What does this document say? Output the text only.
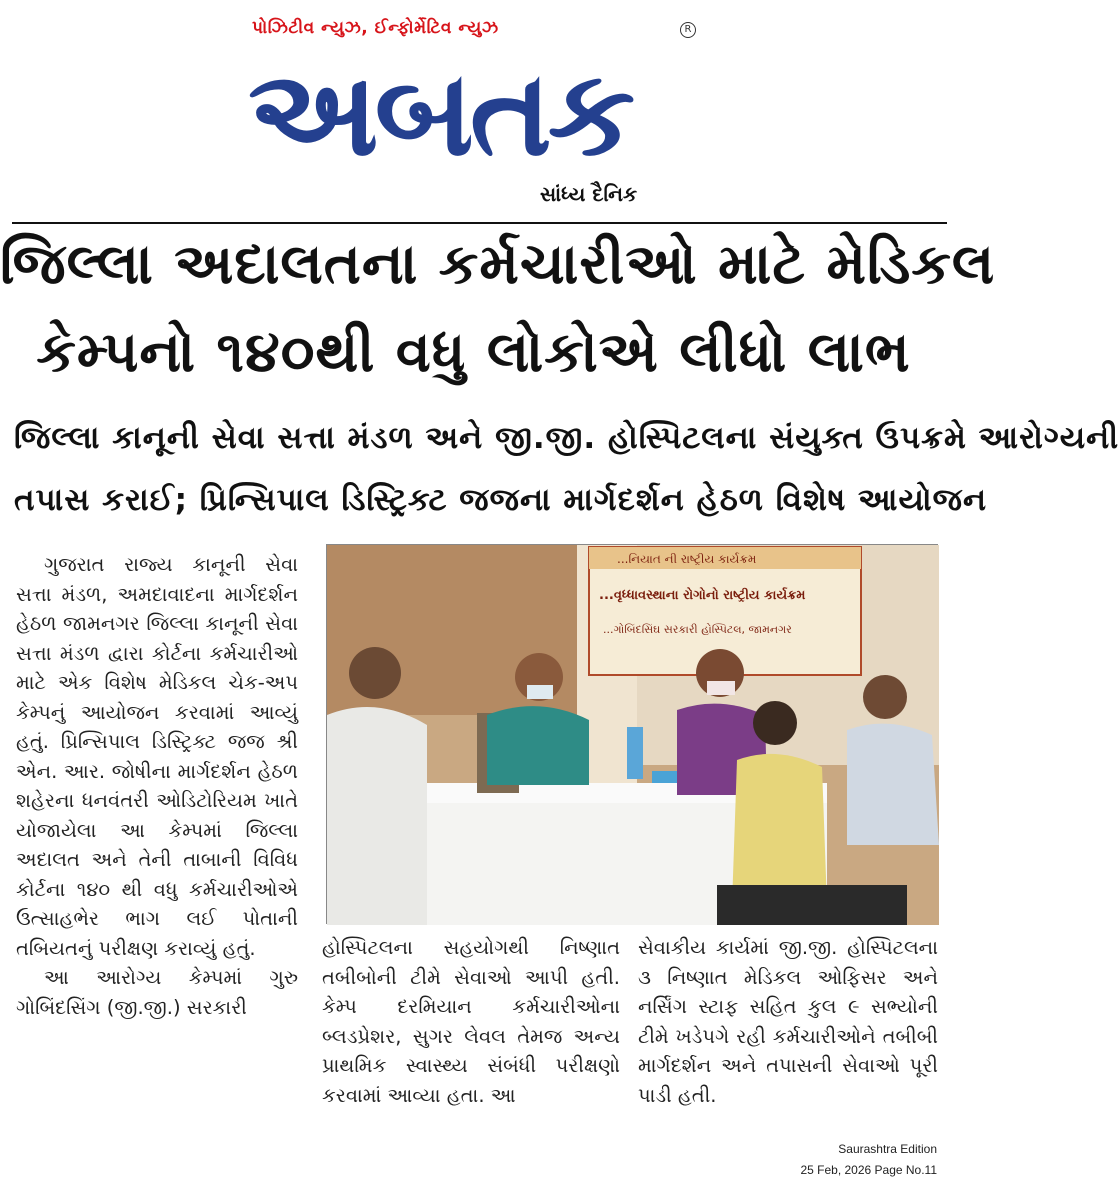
પોઝિટીવ ન્યુઝ, ઈન્ફોર્મેટિવ ન્યુઝ	R
અબતક
સાંધ્ય દૈનિક
જિલ્લા અદાલતના કર્મચારીઓ માટે મેડિકલ
કેમ્પનો ૧૪૦થી વધુ લોકોએ લીધો લાભ
જિલ્લા કાનૂની સેવા સત્તા મંડળ અને જી.જી. હોસ્પિટલના સંયુક્ત ઉપક્રમે આરોગ્યની
તપાસ કરાઈ; પ્રિન્સિપાલ ડિસ્ટ્રિક્ટ જજના માર્ગદર્શન હેઠળ વિશેષ આયોજન

ગુજરાત રાજ્ય કાનૂની સેવા સત્તા મંડળ, અમદાવાદના માર્ગદર્શન હેઠળ જામનગર જિલ્લા કાનૂની સેવા સત્તા મંડળ દ્વારા કોર્ટના કર્મચારીઓ માટે એક વિશેષ મેડિકલ ચેક-અપ કેમ્પનું આયોજન કરવામાં આવ્યું હતું. પ્રિન્સિપાલ ડિસ્ટ્રિક્ટ જજ શ્રી એન. આર. જોષીના માર્ગદર્શન હેઠળ શહેરના ધનવંતરી ઓડિટોરિયમ ખાતે યોજાયેલા આ કેમ્પમાં જિલ્લા અદાલત અને તેની તાબાની વિવિધ કોર્ટના ૧૪૦ થી વધુ કર્મચારીઓએ ઉત્સાહભેર ભાગ લઈ પોતાની તબિયતનું પરીક્ષણ કરાવ્યું હતું.

આ આરોગ્ય કેમ્પમાં ગુરુ ગોબિંદસિંગ (જી.જી.) સરકારી

...નિયાત ની રાષ્ટ્રીય કાર્યક્રમ
...વૃધ્ધાવસ્થાના રોગોનો રાષ્ટ્રીય કાર્યક્રમ
...ગોબિંદસિંઘ સરકારી હોસ્પિટલ, જામનગર

હોસ્પિટલના સહયોગથી નિષ્ણાત તબીબોની ટીમે સેવાઓ આપી હતી. કેમ્પ દરમિયાન કર્મચારીઓના બ્લડપ્રેશર, સુગર લેવલ તેમજ અન્ય પ્રાથમિક સ્વાસ્થ્ય સંબંધી પરીક્ષણો કરવામાં આવ્યા હતા. આ

સેવાકીય કાર્યમાં જી.જી. હોસ્પિટલના ૩ નિષ્ણાત મેડિકલ ઓફિસર અને નર્સિંગ સ્ટાફ સહિત કુલ ૯ સભ્યોની ટીમે ખડેપગે રહી કર્મચારીઓને તબીબી માર્ગદર્શન અને તપાસની સેવાઓ પૂરી પાડી હતી.

Saurashtra Edition
25 Feb, 2026 Page No.11
